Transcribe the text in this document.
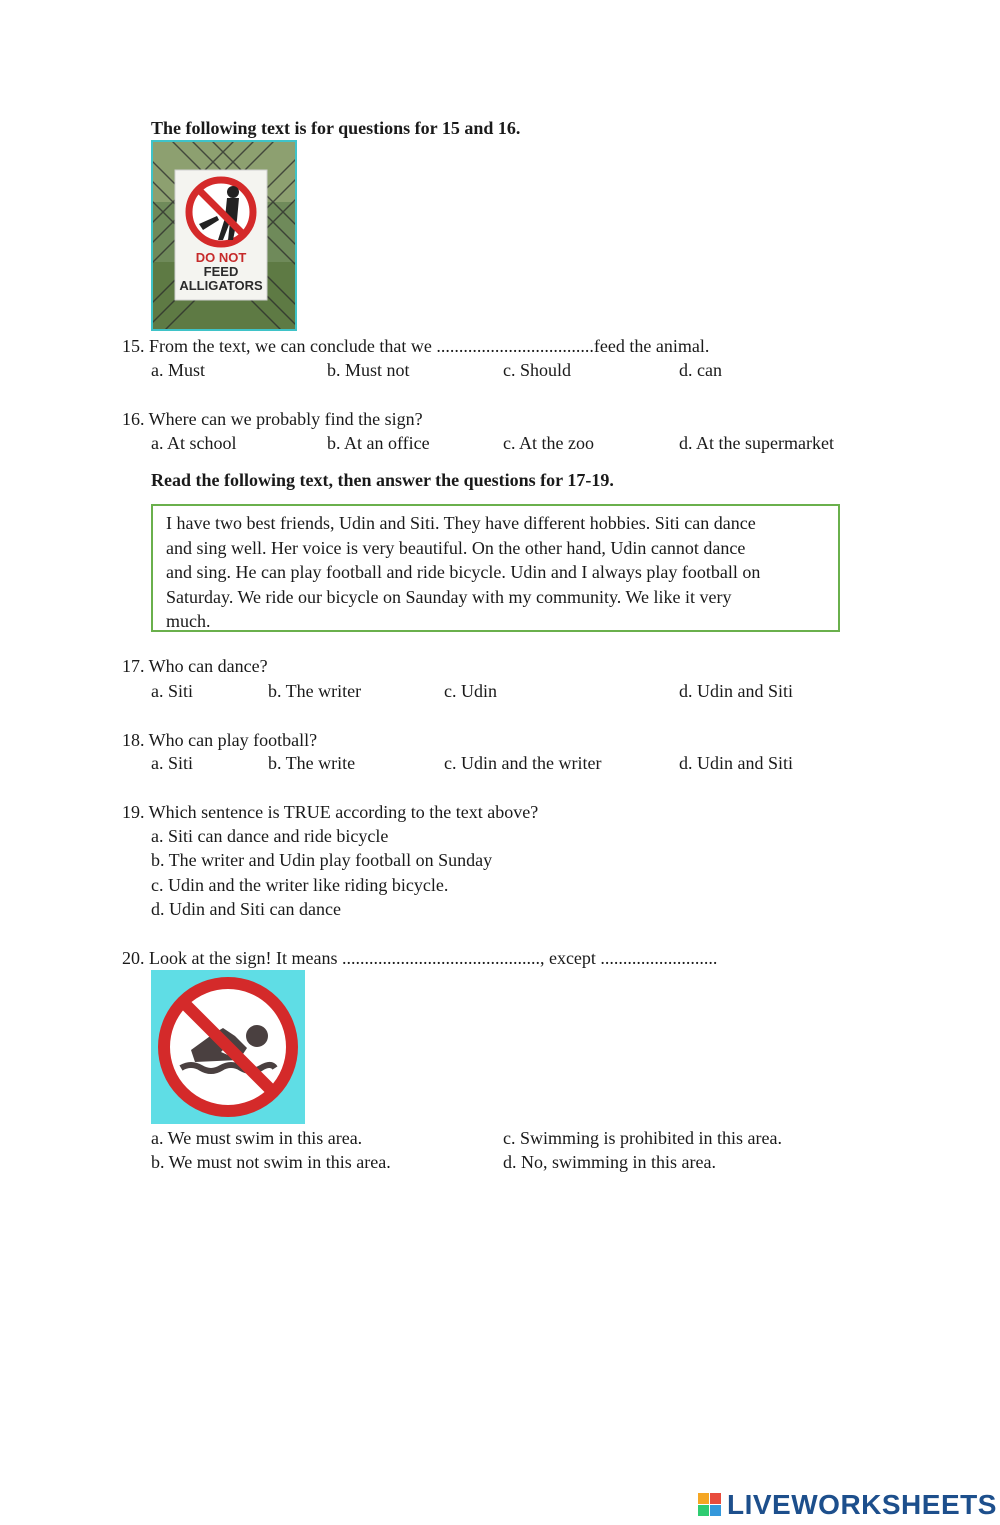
The following text is for questions for 15 and 16.
DO NOT
FEED
ALLIGATORS
15. From the text, we can conclude that we ...................................feed the animal.
a. Must	b. Must not	c. Should	d. can
16. Where can we probably find the sign?
a. At school	b. At an office	c. At the zoo	d. At the supermarket
Read the following text, then answer the questions for 17-19.
I have two best friends, Udin and Siti. They have different hobbies. Siti can dance
and sing well. Her voice is very beautiful. On the other hand, Udin cannot dance
and sing. He can play football and ride bicycle. Udin and I always play football on
Saturday. We ride our bicycle on Saunday with my community. We like it very
much.
17. Who can dance?
a. Siti	b. The writer	c. Udin	d. Udin and Siti
18. Who can play football?
a. Siti	b. The write	c. Udin and the writer	d. Udin and Siti
19. Which sentence is TRUE according to the text above?
a. Siti can dance and ride bicycle
b. The writer and Udin play football on Sunday
c. Udin and the writer like riding bicycle.
d. Udin and Siti can dance
20. Look at the sign! It means ............................................, except ..........................
a. We must swim in this area.
b. We must not swim in this area.
c. Swimming is prohibited in this area.
d. No, swimming in this area.
LIVEWORKSHEETS
